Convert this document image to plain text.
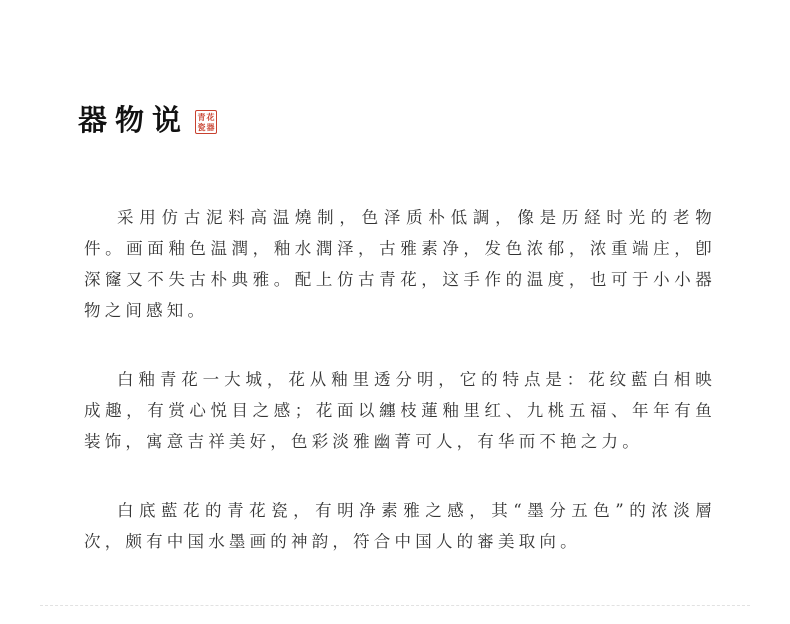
器物说 青 花
瓷 器

采用仿古泥料高温燒制，色泽质朴低調，像是历経时光的老物件。画面釉色温潤，釉水潤泽，古雅素净，发色浓郁，浓重端庄，卽深窿又不失古朴典雅。配上仿古青花，这手作的温度，也可于小小器物之间感知。

白釉青花一大城，花从釉里透分明，它的特点是：花纹藍白相映成趣，有赏心悦目之感；花面以纏枝蓮釉里红、九桃五福、年年有鱼装饰，寓意吉祥美好，色彩淡雅幽菁可人，有华而不艳之力。

白底藍花的青花瓷，有明净素雅之感，其“墨分五色”的浓淡層次，颇有中国水墨画的神韵，符合中国人的審美取向。
